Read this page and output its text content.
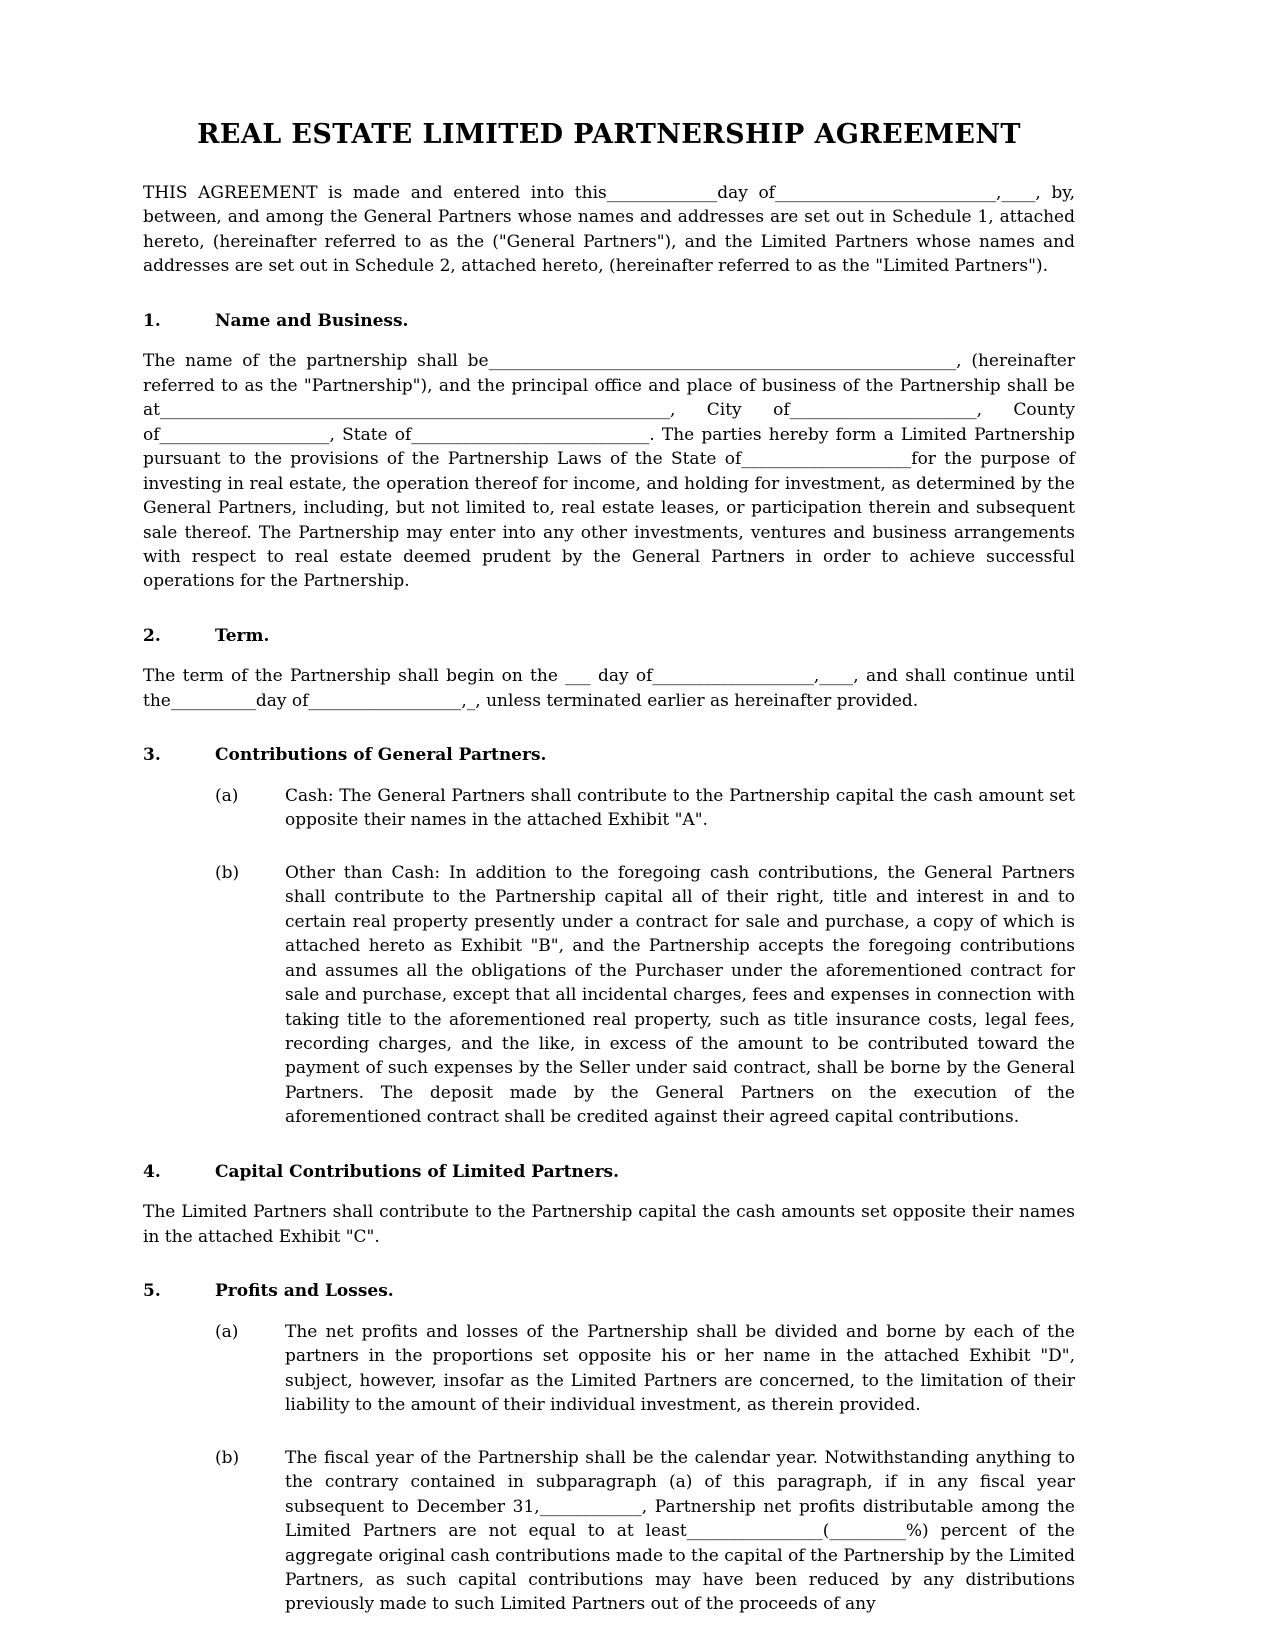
REAL ESTATE LIMITED PARTNERSHIP AGREEMENT

THIS AGREEMENT is made and entered into this_____________day of__________________________,____, by, between, and among the General Partners whose names and addresses are set out in Schedule 1, attached hereto, (hereinafter referred to as the ("General Partners"), and the Limited Partners whose names and addresses are set out in Schedule 2, attached hereto, (hereinafter referred to as the "Limited Partners").

1.	Name and Business.

The name of the partnership shall be_______________________________________________________, (hereinafter referred to as the "Partnership"), and the principal office and place of business of the Partnership shall be at____________________________________________________________, City of______________________, County of____________________, State of____________________________. The parties hereby form a Limited Partnership pursuant to the provisions of the Partnership Laws of the State of____________________for the purpose of investing in real estate, the operation thereof for income, and holding for investment, as determined by the General Partners, including, but not limited to, real estate leases, or participation therein and subsequent sale thereof. The Partnership may enter into any other investments, ventures and business arrangements with respect to real estate deemed prudent by the General Partners in order to achieve successful operations for the Partnership.

2.	Term.

The term of the Partnership shall begin on the ___ day of___________________,____, and shall continue until the__________day of__________________,_, unless terminated earlier as hereinafter provided.

3.	Contributions of General Partners.
(a)	Cash: The General Partners shall contribute to the Partnership capital the cash amount set opposite their names in the attached Exhibit "A".

(b)	Other than Cash: In addition to the foregoing cash contributions, the General Partners shall contribute to the Partnership capital all of their right, title and interest in and to certain real property presently under a contract for sale and purchase, a copy of which is attached hereto as Exhibit "B", and the Partnership accepts the foregoing contributions and assumes all the obligations of the Purchaser under the aforementioned contract for sale and purchase, except that all incidental charges, fees and expenses in connection with taking title to the aforementioned real property, such as title insurance costs, legal fees, recording charges, and the like, in excess of the amount to be contributed toward the payment of such expenses by the Seller under said contract, shall be borne by the General Partners. The deposit made by the General Partners on the execution of the aforementioned contract shall be credited against their agreed capital contributions.

4.	Capital Contributions of Limited Partners.

The Limited Partners shall contribute to the Partnership capital the cash amounts set opposite their names in the attached Exhibit "C".

5.	Profits and Losses.
(a)	The net profits and losses of the Partnership shall be divided and borne by each of the partners in the proportions set opposite his or her name in the attached Exhibit "D", subject, however, insofar as the Limited Partners are concerned, to the limitation of their liability to the amount of their individual investment, as therein provided.

(b)	The fiscal year of the Partnership shall be the calendar year. Notwithstanding anything to the contrary contained in subparagraph (a) of this paragraph, if in any fiscal year subsequent to December 31,____________, Partnership net profits distributable among the Limited Partners are not equal to at least________________(_________%) percent of the aggregate original cash contributions made to the capital of the Partnership by the Limited Partners, as such capital contributions may have been reduced by any distributions previously made to such Limited Partners out of the proceeds of any
